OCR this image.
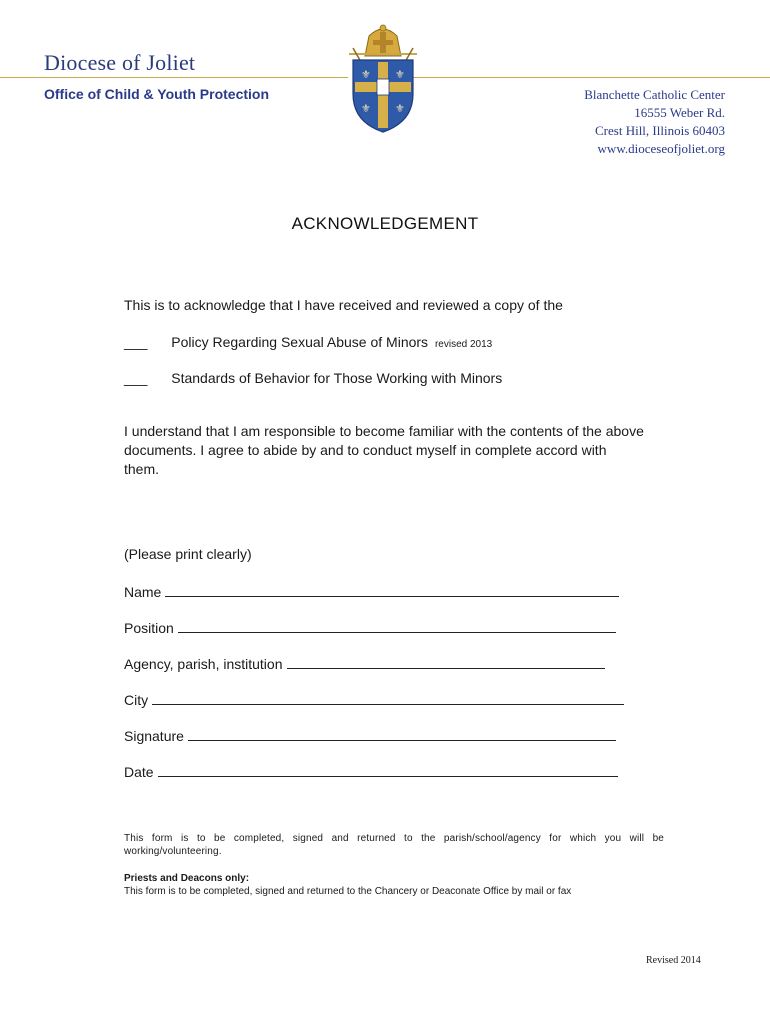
Diocese of Joliet
Office of Child & Youth Protection	Blanchette Catholic Center
16555 Weber Rd.
Crest Hill, Illinois 60403
www.dioceseofjoliet.org
⚜ ⚜
⚜ ⚜
ACKNOWLEDGEMENT
This is to acknowledge that I have received and reviewed a copy of the
___ Policy Regarding Sexual Abuse of Minors revised 2013
___ Standards of Behavior for Those Working with Minors
I understand that I am responsible to become familiar with the contents of the above documents. I agree to abide by and to conduct myself in complete accord with them.
(Please print clearly)
Name
Position
Agency, parish, institution
City
Signature
Date
This form is to be completed, signed and returned to the parish/school/agency for which you will be working/volunteering.
Priests and Deacons only:
This form is to be completed, signed and returned to the Chancery or Deaconate Office by mail or fax
Revised 2014
